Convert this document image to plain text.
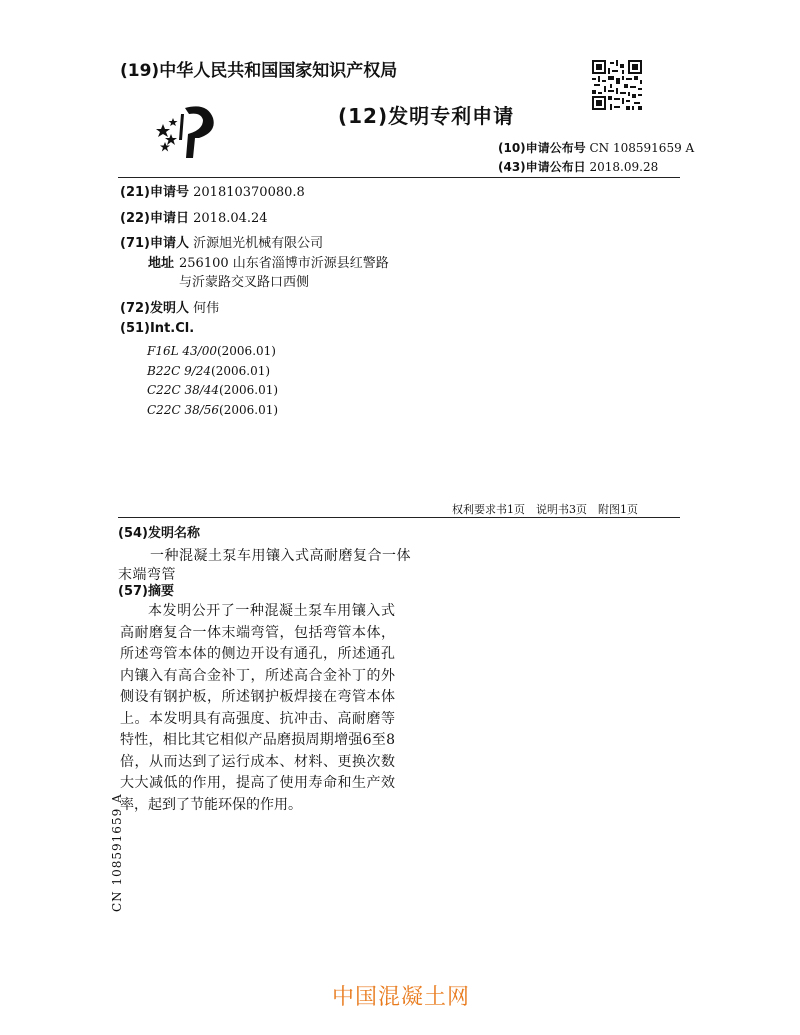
(19)中华人民共和国国家知识产权局
(12)发明专利申请
(10)申请公布号 CN 108591659 A
(43)申请公布日 2018.09.28
(21)申请号 201810370080.8
(22)申请日 2018.04.24
(71)申请人 沂源旭光机械有限公司
地址 256100 山东省淄博市沂源县红警路
与沂蒙路交叉路口西侧
(72)发明人 何伟
(51)Int.Cl.
F16L 43/00(2006.01)
B22C 9/24(2006.01)
C22C 38/44(2006.01)
C22C 38/56(2006.01)
权利要求书1页　说明书3页　附图1页
(54)发明名称
一种混凝土泵车用镶入式高耐磨复合一体
末端弯管
(57)摘要
本发明公开了一种混凝土泵车用镶入式高耐磨复合一体末端弯管，包括弯管本体，所述弯管本体的侧边开设有通孔，所述通孔内镶入有高合金补丁，所述高合金补丁的外侧设有钢护板，所述钢护板焊接在弯管本体上。本发明具有高强度、抗冲击、高耐磨等特性，相比其它相似产品磨损周期增强6至8倍，从而达到了运行成本、材料、更换次数大大减低的作用，提高了使用寿命和生产效率，起到了节能环保的作用。
CN 108591659 A
中国混凝土网
